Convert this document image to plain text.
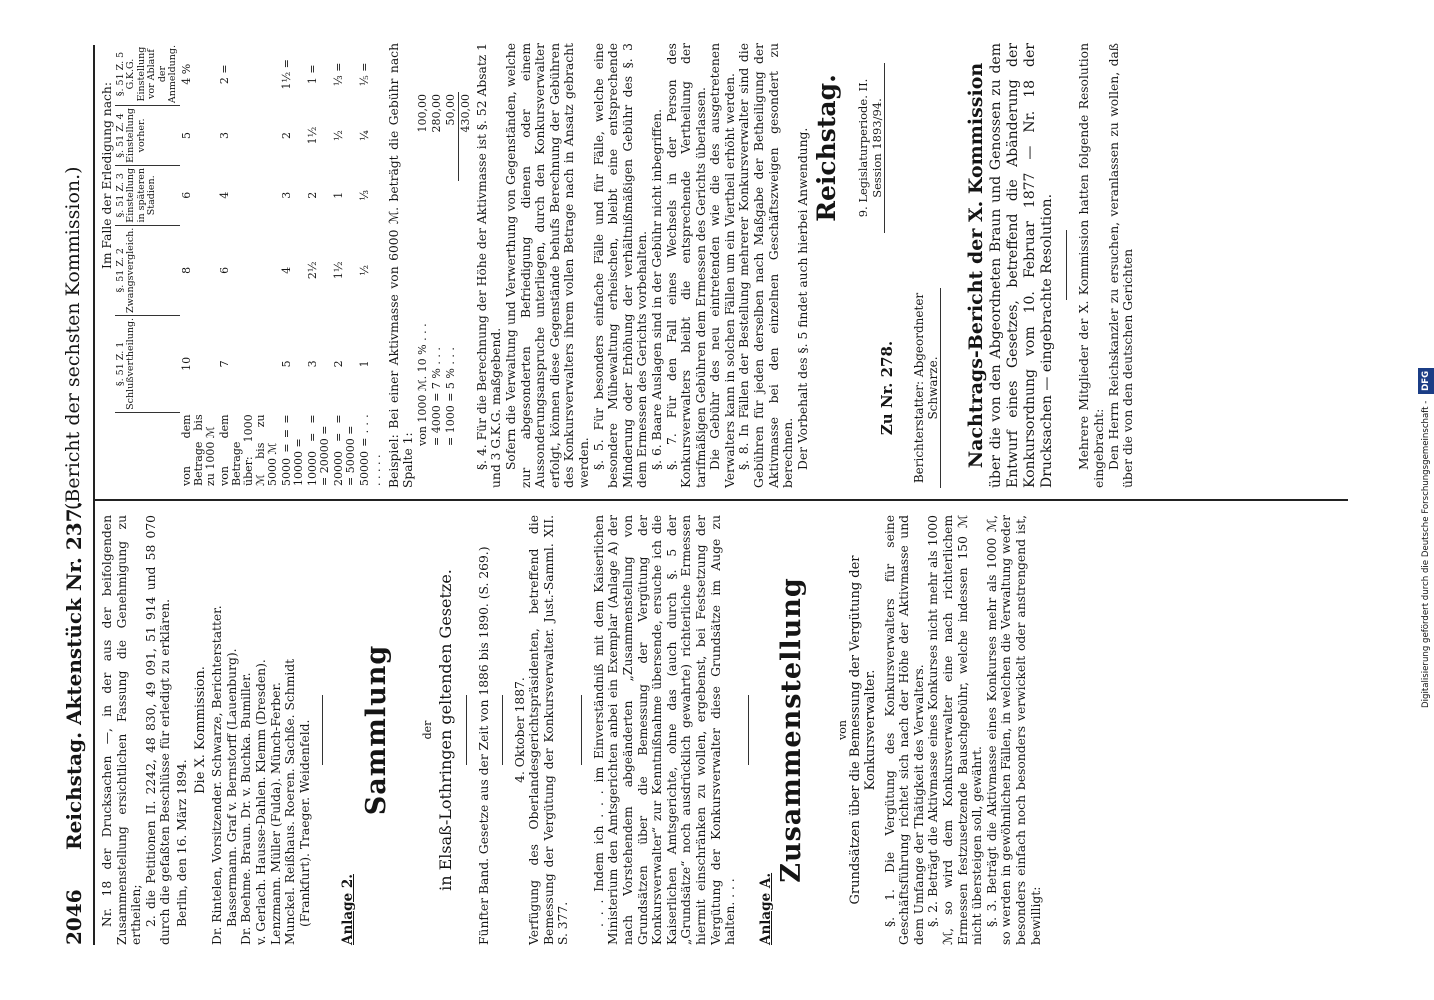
2046
Reichstag.
Aktenstück Nr. 237.
(Bericht der sechsten Kommission.)

Nr. 18 der Drucksachen —, in der aus der beifolgenden Zusammenstellung ersichtlichen Fassung die Genehmigung zu ertheilen; 2. die Petitionen II. 2242, 48 830, 49 091, 51 914 und 58 070 durch die gefaßten Beschlüsse für erledigt zu erklären. Berlin, den 16. März 1894.

Die X. Kommission. Dr. Rintelen, Vorsitzender. Schwarze, Berichterstatter. Bassermann. Graf v. Bernstorff (Lauenburg). Dr. Boehme. Braun. Dr. v. Buchka. Bumiller. v. Gerlach. Hausse-Dahlen. Klemm (Dresden). Lenzmann. Müller (Fulda). Münch-Ferber. Munckel. Reißhaus. Roeren. Sachße. Schmidt (Frankfurt). Traeger. Weidenfeld. Anlage 2.

Sammlung	der in Elsaß-Lothringen geltenden Gesetze. Fünfter Band. Gesetze aus der Zeit von 1886 bis 1890. (S. 269.) 4. Oktober 1887. Verfügung des Oberlandesgerichtspräsidenten, betreffend die Bemessung der Vergütung der Konkursverwalter. Just.-Samml. XII. S. 377. . . . Indem ich . . . im Einverständniß mit dem Kaiserlichen Ministerium den Amtsgerichten anbei ein Exemplar (Anlage A) der nach Vorstehendem abgeänderten „Zusammenstellung von Grundsätzen über die Bemessung der Vergütung der Konkursverwalter“ zur Kenntnißnahme übersende, ersuche ich die Kaiserlichen Amtsgerichte, ohne das (auch durch §. 5 der „Grundsätze“ noch ausdrücklich gewahrte) richterliche Ermessen hiermit einschränken zu wollen, ergebenst, bei Festsetzung der Vergütung der Konkursverwalter diese Grundsätze im Auge zu halten. . . . Anlage A.

Zusammenstellung	von Grundsätzen über die Bemessung der Vergütung der Konkursverwalter. §. 1. Die Vergütung des Konkursverwalters für seine Geschäftsführung richtet sich nach der Höhe der Aktivmasse und dem Umfange der Thätigkeit des Verwalters. §. 2. Beträgt die Aktivmasse eines Konkurses nicht mehr als 1000 ℳ, so wird dem Konkursverwalter eine nach richterlichem Ermessen festzusetzende Bauschgebühr, welche indessen 150 ℳ nicht übersteigen soll, gewährt. §. 3. Beträgt die Aktivmasse eines Konkurses mehr als 1000 ℳ, so werden in gewöhnlichen Fällen, in welchen die Verwaltung weder besonders einfach noch besonders verwickelt oder anstrengend ist, bewilligt:

Im Falle der Erledigung nach:

	§. 51 Z. 1 Schlußvertheilung.	§. 51 Z. 2 Zwangsvergleich.	§. 51 Z. 3 Einstellung in späteren Stadien.	§. 51 Z. 4 Einstellung vorher.	§. 51 Z. 5 G.K.G. Einstellung vor Ablauf der Anmeldung.
von dem Betrage bis zu 1000 ℳ	10	8	6	5	4 %
von dem Betrage über: 1000 ℳ bis zu 5000 ℳ	7	6	4	3	2 =
5000 = = = 10000 =	5	4	3	2	1½ =
10000 = = = 20000 =	3	2½	2	1½	1 =
20000 = = = 50000 =	2	1½	1	½	⅓ =
50000 = . . . . . . . .	1	½	⅓	¼	⅕ = Beispiel: Bei einer Aktivmasse von 6000 ℳ. beträgt die Gebühr nach Spalte 1:

von 1000 ℳ. 10 % . . .	100,00
= 4000 = 7 % . . .	280,00
= 1000 = 5 % . . .	50,00
	430,00 §. 4. Für die Berechnung der Höhe der Aktivmasse ist §. 52 Absatz 1 und 3 G.K.G. maßgebend. Sofern die Verwaltung und Verwerthung von Gegenständen, welche zur abgesonderten Befriedigung dienen oder einem Aussonderungsanspruche unterliegen, durch den Konkursverwalter erfolgt, können diese Gegenstände behufs Berechnung der Gebühren des Konkursverwalters ihrem vollen Betrage nach in Ansatz gebracht werden. §. 5. Für besonders einfache Fälle und für Fälle, welche eine besondere Mühewaltung erheischen, bleibt eine entsprechende Minderung oder Erhöhung der verhältnißmäßigen Gebühr des §. 3 dem Ermessen des Gerichts vorbehalten. §. 6. Baare Auslagen sind in der Gebühr nicht inbegriffen. §. 7. Für den Fall eines Wechsels in der Person des Konkursverwalters bleibt die entsprechende Vertheilung der tarifmäßigen Gebühren dem Ermessen des Gerichts überlassen. Die Gebühr des neu eintretenden wie die des ausgetretenen Verwalters kann in solchen Fällen um ein Viertheil erhöht werden. §. 8. In Fällen der Bestellung mehrerer Konkursverwalter sind die Gebühren für jeden derselben nach Maßgabe der Betheiligung der Aktivmasse bei den einzelnen Geschäftszweigen gesondert zu berechnen. Der Vorbehalt des §. 5 findet auch hierbei Anwendung.	Zu Nr. 278.
Reichstag. 9. Legislaturperiode. II. Session 1893/94.
Berichterstatter: Abgeordneter Schwarze. Nachtrags-Bericht der X. Kommission über die von den Abgeordneten Braun und Genossen zu dem Entwurf eines Gesetzes, betreffend die Abänderung der Konkursordnung vom 10. Februar 1877 — Nr. 18 der Drucksachen — eingebrachte Resolution. Mehrere Mitglieder der X. Kommission hatten folgende Resolution eingebracht: Den Herrn Reichskanzler zu ersuchen, veranlassen zu wollen, daß über die von den deutschen Gerichten

Digitalisierung gefördert durch die Deutsche Forschungsgemeinschaft - DFG
